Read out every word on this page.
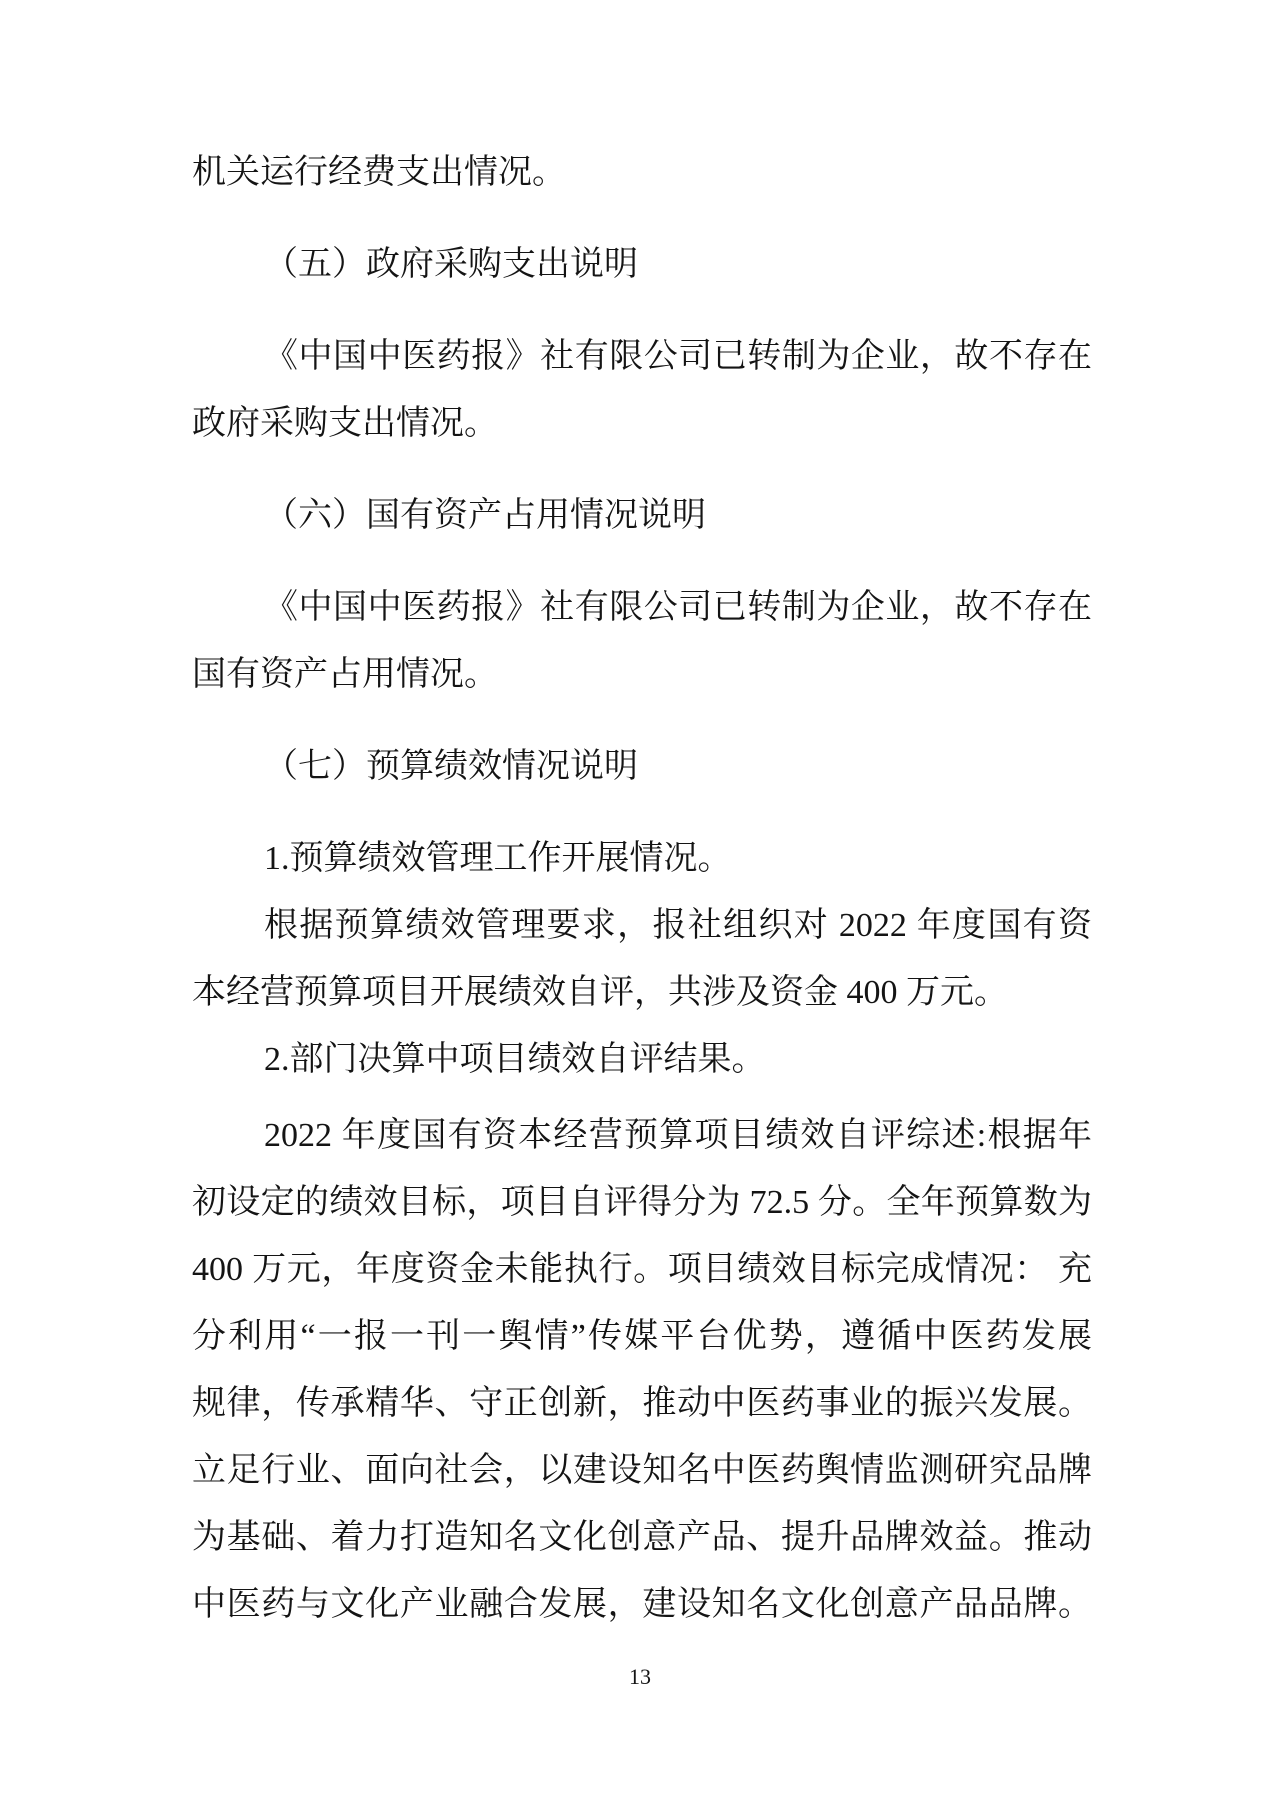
机关运行经费支出情况。
（五）政府采购支出说明
《中国中医药报》社有限公司已转制为企业，故不存在
政府采购支出情况。
（六）国有资产占用情况说明
《中国中医药报》社有限公司已转制为企业，故不存在
国有资产占用情况。
（七）预算绩效情况说明
1.预算绩效管理工作开展情况。
根据预算绩效管理要求，报社组织对 2022 年度国有资
本经营预算项目开展绩效自评，共涉及资金 400 万元。
2.部门决算中项目绩效自评结果。
2022 年度国有资本经营预算项目绩效自评综述:根据年
初设定的绩效目标，项目自评得分为 72.5 分。全年预算数为
400 万元，年度资金未能执行。项目绩效目标完成情况： 充
分利用“一报一刊一舆情”传媒平台优势，遵循中医药发展
规律，传承精华、守正创新，推动中医药事业的振兴发展。
立足行业、面向社会，以建设知名中医药舆情监测研究品牌
为基础、着力打造知名文化创意产品、提升品牌效益。推动
中医药与文化产业融合发展，建设知名文化创意产品品牌。
13
